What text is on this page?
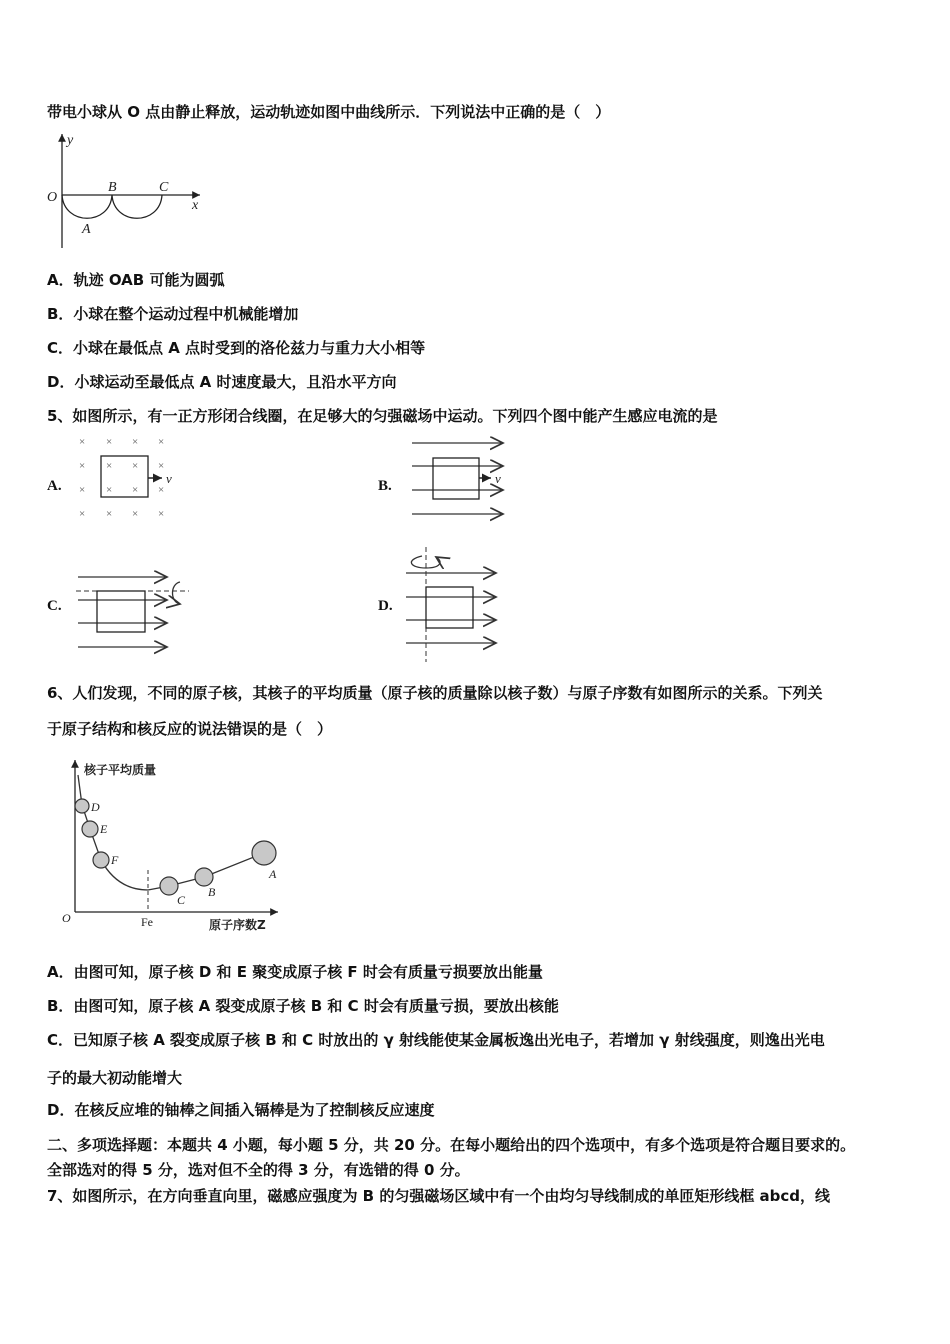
带电小球从 O 点由静止释放，运动轨迹如图中曲线所示．下列说法中正确的是（　）
y
O
B	C
x
A
A．轨迹 OAB 可能为圆弧
B．小球在整个运动过程中机械能增加
C．小球在最低点 A 点时受到的洛伦兹力与重力大小相等
D．小球运动至最低点 A 时速度最大，且沿水平方向
5、如图所示，有一正方形闭合线圈，在足够大的匀强磁场中运动。下列四个图中能产生感应电流的是
A.	B.
C.	D.
×
×
×
×
×
×
×
×
×
×
×
×
×
×
×
×
v	v
6、人们发现，不同的原子核，其核子的平均质量（原子核的质量除以核子数）与原子序数有如图所示的关系。下列关
于原子结构和核反应的说法错误的是（　）
核子平均质量
D
E
F
C
B
A
O	Fe	原子序数Z
A．由图可知，原子核 D 和 E 聚变成原子核 F 时会有质量亏损要放出能量
B．由图可知，原子核 A 裂变成原子核 B 和 C 时会有质量亏损，要放出核能
C．已知原子核 A 裂变成原子核 B 和 C 时放出的 γ 射线能使某金属板逸出光电子，若增加 γ 射线强度，则逸出光电
子的最大初动能增大
D．在核反应堆的铀棒之间插入镉棒是为了控制核反应速度
二、多项选择题：本题共 4 小题，每小题 5 分，共 20 分。在每小题给出的四个选项中，有多个选项是符合题目要求的。
全部选对的得 5 分，选对但不全的得 3 分，有选错的得 0 分。
7、如图所示，在方向垂直向里，磁感应强度为 B 的匀强磁场区域中有一个由均匀导线制成的单匝矩形线框 abcd，线
